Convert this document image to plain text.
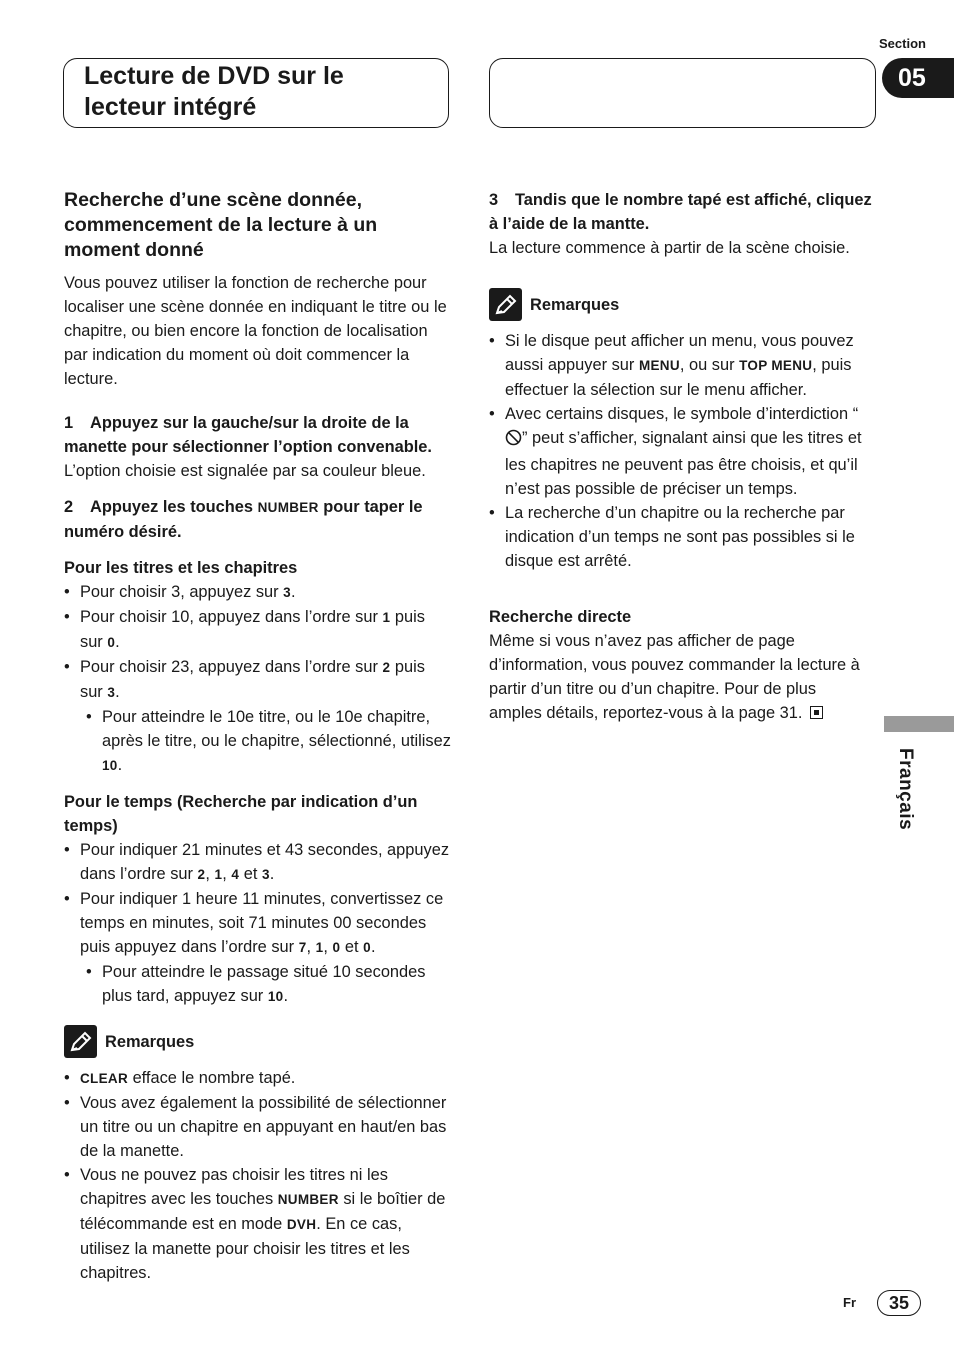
Section
05
Lecture de DVD sur le lecteur intégré
Recherche d’une scène donnée, commencement de la lecture à un moment donné

Vous pouvez utiliser la fonction de recherche pour localiser une scène donnée en indiquant le titre ou le chapitre, ou bien encore la fonction de localisation par indication du moment où doit commencer la lecture.

1 Appuyez sur la gauche/sur la droite de la manette pour sélectionner l’option convenable.

L’option choisie est signalée par sa couleur bleue.

2 Appuyez les touches NUMBER pour taper le numéro désiré.

Pour les titres et les chapitres

• Pour choisir 3, appuyez sur 3.
• Pour choisir 10, appuyez dans l’ordre sur 1 puis sur 0.
• Pour choisir 23, appuyez dans l’ordre sur 2 puis sur 3.
• Pour atteindre le 10e titre, ou le 10e chapitre, après le titre, ou le chapitre, sélectionné, utilisez 10.

Pour le temps (Recherche par indication d’un temps)

• Pour indiquer 21 minutes et 43 secondes, appuyez dans l’ordre sur 2, 1, 4 et 3.
• Pour indiquer 1 heure 11 minutes, convertissez ce temps en minutes, soit 71 minutes 00 secondes puis appuyez dans l’ordre sur 7, 1, 0 et 0.
• Pour atteindre le passage situé 10 secondes plus tard, appuyez sur 10.
Remarques
• CLEAR efface le nombre tapé.
• Vous avez également la possibilité de sélectionner un titre ou un chapitre en appuyant en haut/en bas de la manette.
• Vous ne pouvez pas choisir les titres ni les chapitres avec les touches NUMBER si le boîtier de télécommande est en mode DVH. En ce cas, utilisez la manette pour choisir les titres et les chapitres.

3 Tandis que le nombre tapé est affiché, cliquez à l’aide de la mantte.

La lecture commence à partir de la scène choisie.

Remarques
• Si le disque peut afficher un menu, vous pouvez aussi appuyer sur MENU, ou sur TOP MENU, puis effectuer la sélection sur le menu afficher.
• Avec certains disques, le symbole d’interdiction “” peut s’afficher, signalant ainsi que les titres et les chapitres ne peuvent pas être choisis, et qu’il n’est pas possible de préciser un temps.
• La recherche d’un chapitre ou la recherche par indication d’un temps ne sont pas possibles si le disque est arrêté.

Recherche directe

Même si vous n’avez pas afficher de page d’information, vous pouvez commander la lecture à partir d’un titre ou d’un chapitre. Pour de plus amples détails, reportez-vous à la page 31.

Français
Fr	35
